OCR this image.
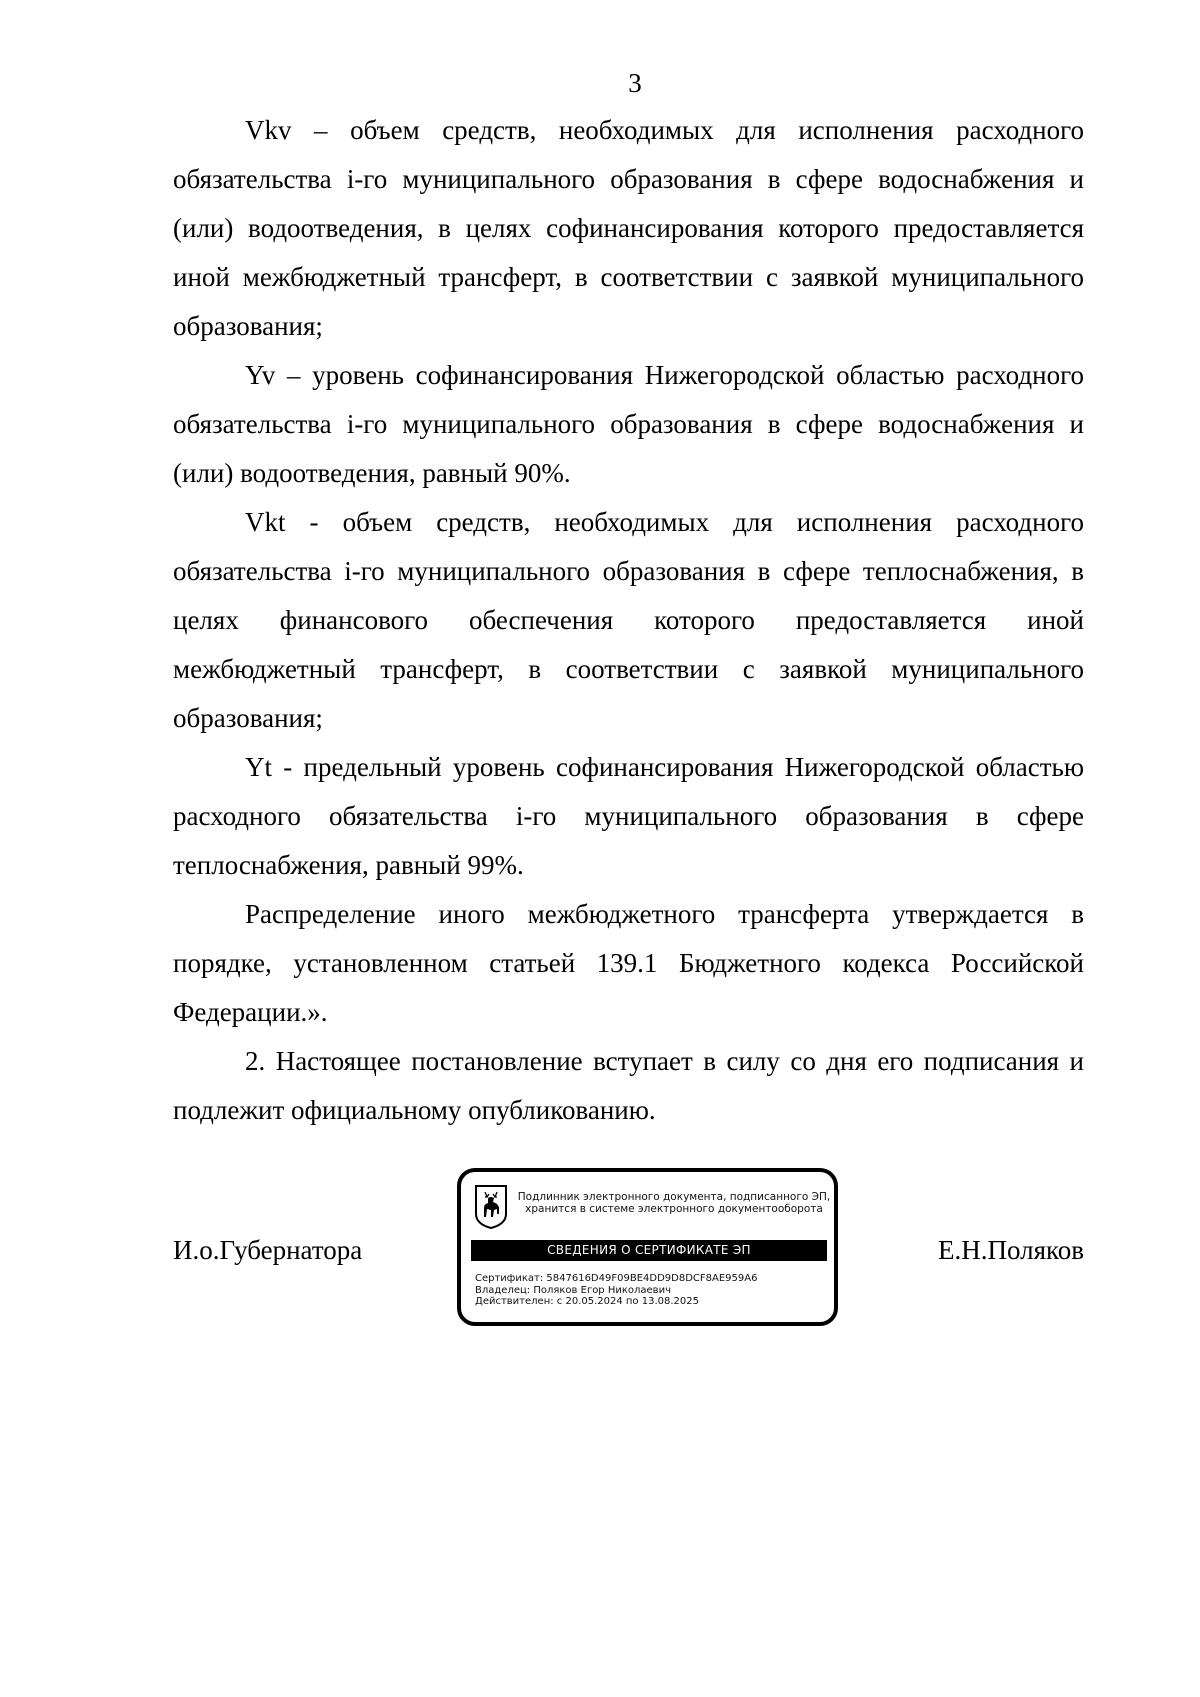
3

Vkv – объем средств, необходимых для исполнения расходного обязательства i-го муниципального образования в сфере водоснабжения и (или) водоотведения, в целях софинансирования которого предоставляется иной межбюджетный трансферт, в соответствии с заявкой муниципального образования;

Yv – уровень софинансирования Нижегородской областью расходного обязательства i-го муниципального образования в сфере водоснабжения и (или) водоотведения, равный 90%.

Vkt - объем средств, необходимых для исполнения расходного обязательства i-го муниципального образования в сфере теплоснабжения, в целях финансового обеспечения которого предоставляется иной межбюджетный трансферт, в соответствии с заявкой муниципального образования;

Yt - предельный уровень софинансирования Нижегородской областью расходного обязательства i-го муниципального образования в сфере теплоснабжения, равный 99%.

Распределение иного межбюджетного трансферта утверждается в порядке, установленном статьей 139.1 Бюджетного кодекса Российской Федерации.».

2. Настоящее постановление вступает в силу со дня его подписания и подлежит официальному опубликованию.

И.о.Губернатора
Подлинник электронного документа, подписанного ЭП,
хранится в системе электронного документооборота
СВЕДЕНИЯ О СЕРТИФИКАТЕ ЭП
Сертификат: 5847616D49F09BE4DD9D8DCF8AE959A6
Владелец: Поляков Егор Николаевич
Действителен: с 20.05.2024 по 13.08.2025
Е.Н.Поляков
